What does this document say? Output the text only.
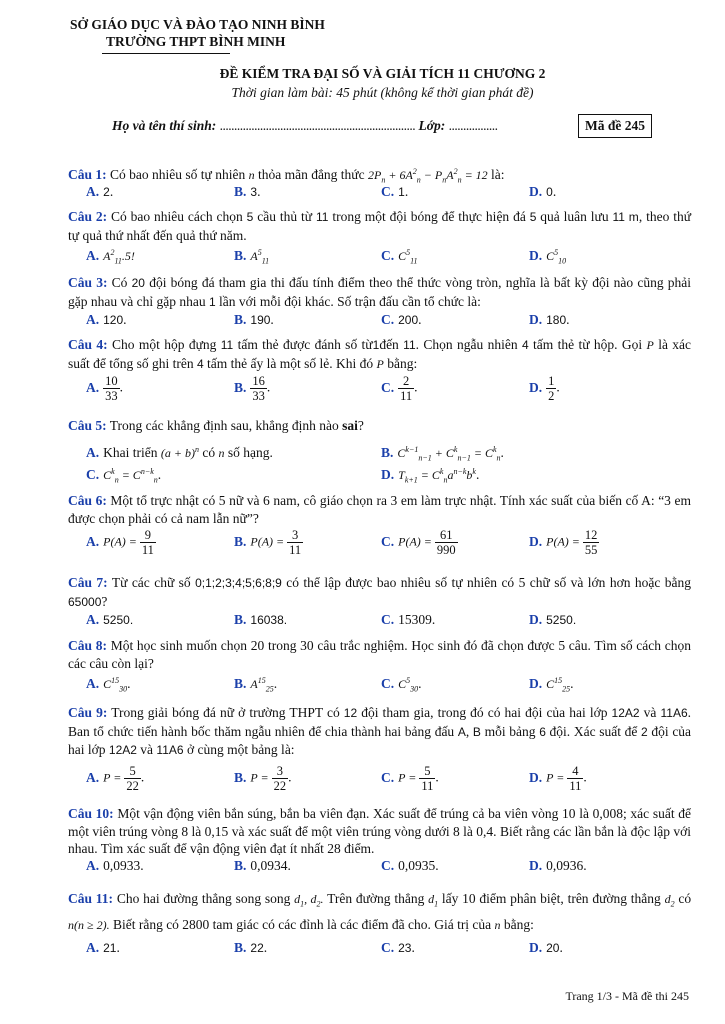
SỞ GIÁO DỤC VÀ ĐÀO TẠO NINH BÌNH
TRƯỜNG THPT BÌNH MINH
ĐỀ KIỂM TRA ĐẠI SỐ VÀ GIẢI TÍCH 11 CHƯƠNG 2
Thời gian làm bài: 45 phút (không kể thời gian phát đề)
Họ và tên thí sinh: .................................................................... Lớp: .................	Mã đề 245
Câu 1: Có bao nhiêu số tự nhiên n thỏa mãn đẳng thức $2P_n + 6A^2_n - P_nA^2_n = 12$ là:
A. 2.	B. 3.	C. 1.	D. 0.
Câu 2: Có bao nhiêu cách chọn 5 cầu thủ từ 11 trong một đội bóng để thực hiện đá 5 quả luân lưu 11 m, theo thứ tự quả thứ nhất đến quả thứ năm.
A. $A^2_{11}.5$!	B. $A^5_{11}$	C. $C^5_{11}$	D. $C^5_{10}$
Câu 3: Có 20 đội bóng đá tham gia thi đấu tính điểm theo thể thức vòng tròn, nghĩa là bất kỳ đội nào cũng phải gặp nhau và chỉ gặp nhau 1 lần với mỗi đội khác. Số trận đấu cần tổ chức là:
A. 120.	B. 190.	C. 200.	D. 180.
Câu 4: Cho một hộp đựng 11 tấm thẻ được đánh số từ1đến 11. Chọn ngẫu nhiên 4 tấm thẻ từ hộp. Gọi P là xác suất để tổng số ghi trên 4 tấm thẻ ấy là một số lẻ. Khi đó P bằng:
A. $\frac{10}{33}$ .	B. $\frac{16}{33}$ .	C. $\frac{2}{11}$ .	D. $\frac{1}{2}$ .
Câu 5: Trong các khẳng định sau, khẳng định nào sai?
A. Khai triển $(a + b)^n$ có n số hạng.	B. $C^{k-1}_{n-1} + C^k_{n-1} = C^k_n$.
C. $C^k_n = C^{n-k}_n$.	D. $T_{k+1} = C^k_na^{n-k}b^k$.
Câu 6: Một tổ trực nhật có 5 nữ và 6 nam, cô giáo chọn ra 3 em làm trực nhật. Tính xác suất của biến cố A: “3 em được chọn phải có cả nam lẫn nữ”?
A. $P(A) = \frac{9}{11}$	B. $P(A) = \frac{3}{11}$	C. $P(A) = \frac{61}{990}$	D. $P(A) = \frac{12}{55}$
Câu 7: Từ các chữ số 0;1;2;3;4;5;6;8;9 có thể lập được bao nhiêu số tự nhiên có 5 chữ số và lớn hơn hoặc bằng 65000?
A. 5250.	B. 16038.	C. 15309.	D. 5250.
Câu 8: Một học sinh muốn chọn 20 trong 30 câu trắc nghiệm. Học sinh đó đã chọn được 5 câu. Tìm số cách chọn các câu còn lại?
A. $C^{15}_{30}$.	B. $A^{15}_{25}$.	C. $C^5_{30}$.	D. $C^{15}_{25}$.
Câu 9: Trong giải bóng đá nữ ở trường THPT có 12 đội tham gia, trong đó có hai đội của hai lớp 12A2 và 11A6. Ban tổ chức tiến hành bốc thăm ngẫu nhiên để chia thành hai bảng đấu A, B mỗi bảng 6 đội. Xác suất để 2 đội của hai lớp 12A2 và 11A6 ở cùng một bảng là:
A. $P = \frac{5}{22}$ .	B. $P = \frac{3}{22}$ .	C. $P = \frac{5}{11}$ .	D. $P = \frac{4}{11}$ .
Câu 10: Một vận động viên bắn súng, bắn ba viên đạn. Xác suất để trúng cả ba viên vòng 10 là 0,008; xác suất để một viên trúng vòng 8 là 0,15 và xác suất để một viên trúng vòng dưới 8 là 0,4. Biết rằng các lần bắn là độc lập với nhau. Tìm xác suất để vận động viên đạt ít nhất 28 điểm.
A. 0,0933.	B. 0,0934.	C. 0,0935.	D. 0,0936.
Câu 11: Cho hai đường thẳng song song $d_1$, $d_2$. Trên đường thẳng $d_1$ lấy 10 điểm phân biệt, trên đường thẳng $d_2$ có n(n ≥ 2). Biết rằng có 2800 tam giác có các đỉnh là các điểm đã cho. Giá trị của n bằng:
A. 21.	B. 22.	C. 23.	D. 20.
Trang 1/3 - Mã đề thi 245
